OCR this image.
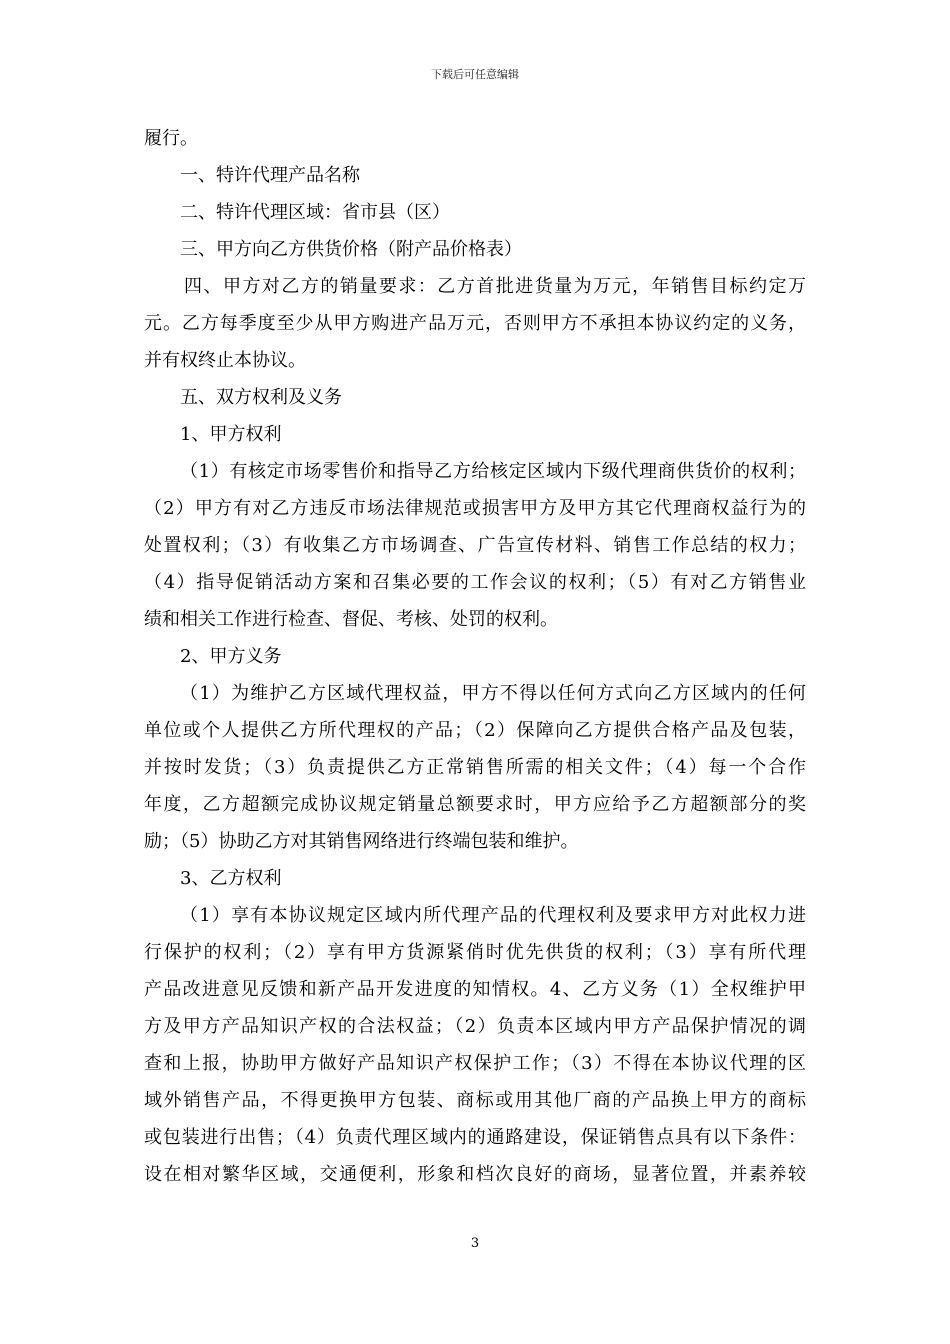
下载后可任意编辑
履行。
一、特许代理产品名称
二、特许代理区域：省市县（区）
三、甲方向乙方供货价格（附产品价格表）
四、甲方对乙方的销量要求：乙方首批进货量为万元，年销售目标约定万
元。乙方每季度至少从甲方购进产品万元，否则甲方不承担本协议约定的义务，
并有权终止本协议。
五、双方权利及义务
1、甲方权利
（1）有核定市场零售价和指导乙方给核定区域内下级代理商供货价的权利；
（2）甲方有对乙方违反市场法律规范或损害甲方及甲方其它代理商权益行为的
处置权利；（3）有收集乙方市场调查、广告宣传材料、销售工作总结的权力；
（4）指导促销活动方案和召集必要的工作会议的权利；（5）有对乙方销售业
绩和相关工作进行检查、督促、考核、处罚的权利。
2、甲方义务
（1）为维护乙方区域代理权益，甲方不得以任何方式向乙方区域内的任何
单位或个人提供乙方所代理权的产品；（2）保障向乙方提供合格产品及包装，
并按时发货；（3）负责提供乙方正常销售所需的相关文件；（4）每一个合作
年度，乙方超额完成协议规定销量总额要求时，甲方应给予乙方超额部分的奖
励；（5）协助乙方对其销售网络进行终端包装和维护。
3、乙方权利
（1）享有本协议规定区域内所代理产品的代理权利及要求甲方对此权力进
行保护的权利；（2）享有甲方货源紧俏时优先供货的权利；（3）享有所代理
产品改进意见反馈和新产品开发进度的知情权。4、乙方义务（1）全权维护甲
方及甲方产品知识产权的合法权益；（2）负责本区域内甲方产品保护情况的调
查和上报，协助甲方做好产品知识产权保护工作；（3）不得在本协议代理的区
域外销售产品，不得更换甲方包装、商标或用其他厂商的产品换上甲方的商标
或包装进行出售；（4）负责代理区域内的通路建设，保证销售点具有以下条件：
设在相对繁华区域，交通便利，形象和档次良好的商场，显著位置，并素养较
3
